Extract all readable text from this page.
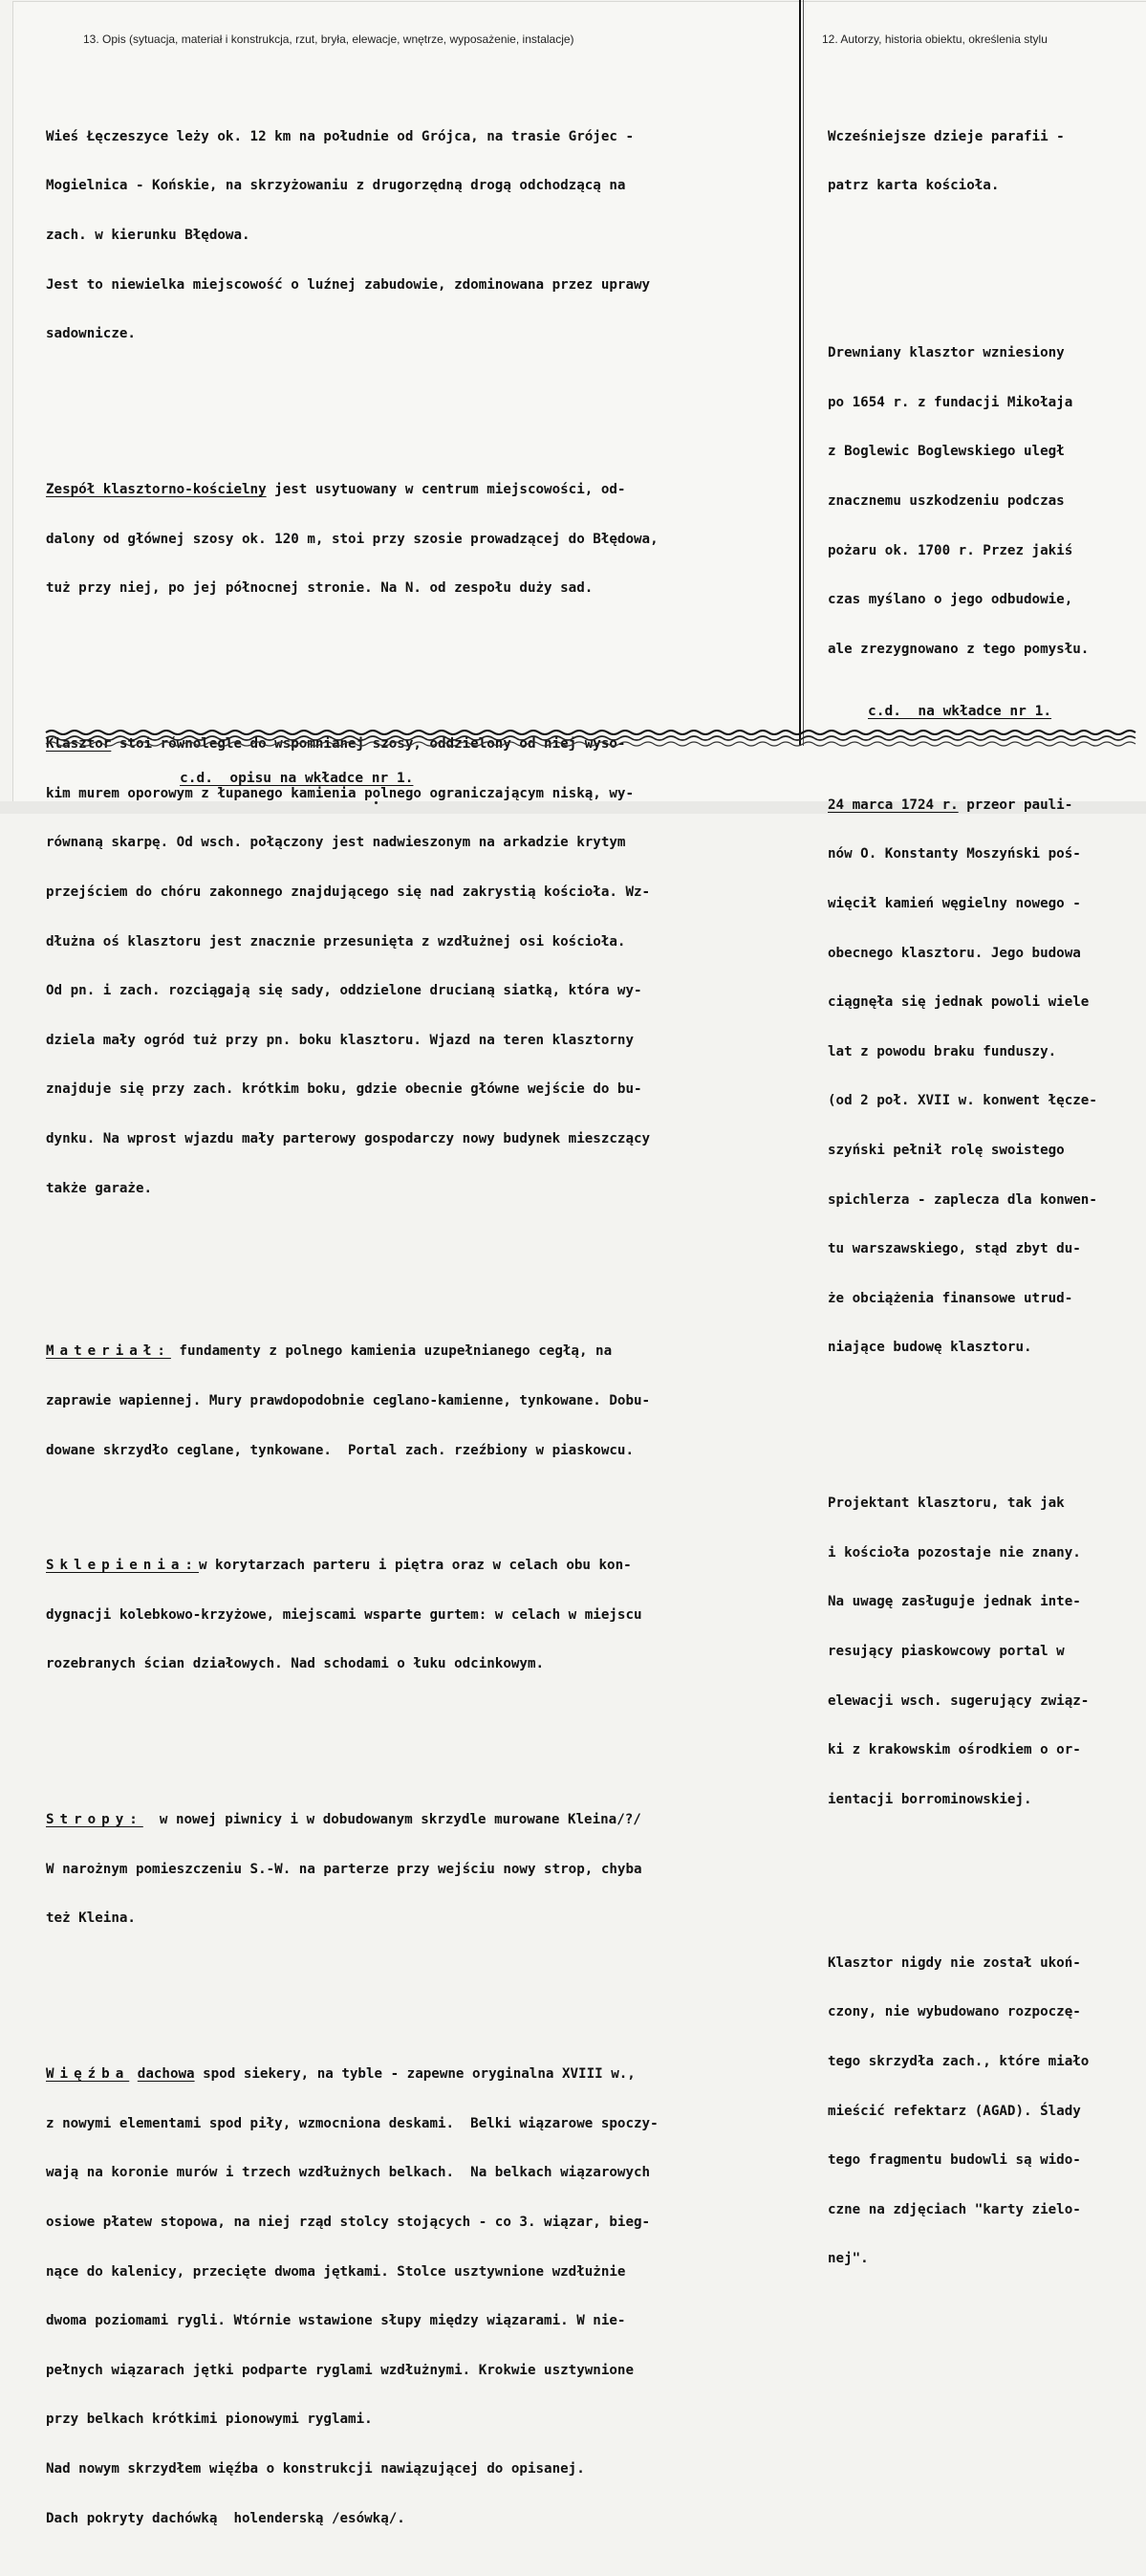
13. Opis (sytuacja, materiał i konstrukcja, rzut, bryła, elewacje, wnętrze, wyposażenie, instalacje)	12. Autorzy, historia obiektu, określenia stylu

Wieś Łęczeszyce leży ok. 12 km na południe od Grójca, na trasie Grójec -

Mogielnica - Końskie, na skrzyżowaniu z drugorzędną drogą odchodzącą na

zach. w kierunku Błędowa.

Jest to niewielka miejscowość o luźnej zabudowie, zdominowana przez uprawy

sadownicze.

Zespół klasztorno-kościelny jest usytuowany w centrum miejscowości, od-

dalony od głównej szosy ok. 120 m, stoi przy szosie prowadzącej do Błędowa,

tuż przy niej, po jej północnej stronie. Na N. od zespołu duży sad.

Klasztor stoi równolegle do wspomnianej szosy, oddzielony od niej wyso-

kim murem oporowym z łupanego kamienia polnego ograniczającym niską, wy-

równaną skarpę. Od wsch. połączony jest nadwieszonym na arkadzie krytym

przejściem do chóru zakonnego znajdującego się nad zakrystią kościoła. Wz-

dłużna oś klasztoru jest znacznie przesunięta z wzdłużnej osi kościoła.

Od pn. i zach. rozciągają się sady, oddzielone drucianą siatką, która wy-

dziela mały ogród tuż przy pn. boku klasztoru. Wjazd na teren klasztorny

znajduje się przy zach. krótkim boku, gdzie obecnie główne wejście do bu-

dynku. Na wprost wjazdu mały parterowy gospodarczy nowy budynek mieszczący

także garaże.

Materiał: fundamenty z polnego kamienia uzupełnianego cegłą, na

zaprawie wapiennej. Mury prawdopodobnie ceglano-kamienne, tynkowane. Dobu-

dowane skrzydło ceglane, tynkowane.  Portal zach. rzeźbiony w piaskowcu.

Sklepienia:w korytarzach parteru i piętra oraz w celach obu kon-

dygnacji kolebkowo-krzyżowe, miejscami wsparte gurtem: w celach w miejscu

rozebranych ścian działowych. Nad schodami o łuku odcinkowym.

Stropy:  w nowej piwnicy i w dobudowanym skrzydle murowane Kleina/?/

W narożnym pomieszczeniu S.-W. na parterze przy wejściu nowy strop, chyba

też Kleina.

Więźba dachowa spod siekery, na tyble - zapewne oryginalna XVIII w.,

z nowymi elementami spod piły, wzmocniona deskami.  Belki wiązarowe spoczy-

wają na koronie murów i trzech wzdłużnych belkach.  Na belkach wiązarowych

osiowe płatew stopowa, na niej rząd stolcy stojących - co 3. wiązar, bieg-

nące do kalenicy, przecięte dwoma jętkami. Stolce usztywnione wzdłużnie

dwoma poziomami rygli. Wtórnie wstawione słupy między wiązarami. W nie-

pełnych wiązarach jętki podparte ryglami wzdłużnymi. Krokwie usztywnione

przy belkach krótkimi pionowymi ryglami.

Nad nowym skrzydłem więźba o konstrukcji nawiązującej do opisanej.

Dach pokryty dachówką  holenderską /esówką/.

Wcześniejsze dzieje parafii -

patrz karta kościoła.

Drewniany klasztor wzniesiony

po 1654 r. z fundacji Mikołaja

z Boglewic Boglewskiego uległ

znacznemu uszkodzeniu podczas

pożaru ok. 1700 r. Przez jakiś

czas myślano o jego odbudowie,

ale zrezygnowano z tego pomysłu.

24 marca 1724 r. przeor pauli-

nów O. Konstanty Moszyński poś-

więcił kamień węgielny nowego -

obecnego klasztoru. Jego budowa

ciągnęła się jednak powoli wiele

lat z powodu braku funduszy.

(od 2 poł. XVII w. konwent łęcze-

szyński pełnił rolę swoistego

spichlerza - zaplecza dla konwen-

tu warszawskiego, stąd zbyt du-

że obciążenia finansowe utrud-

niające budowę klasztoru.

Projektant klasztoru, tak jak

i kościoła pozostaje nie znany.

Na uwagę zasługuje jednak inte-

resujący piaskowcowy portal w

elewacji wsch. sugerujący związ-

ki z krakowskim ośrodkiem o or-

ientacji borrominowskiej.

Klasztor nigdy nie został ukoń-

czony, nie wybudowano rozpoczę-

tego skrzydła zach., które miało

mieścić refektarz (AGAD). Ślady

tego fragmentu budowli są wido-

czne na zdjęciach "karty zielo-

nej".

c.d.  na wkładce nr 1.
c.d.  opisu na wkładce nr 1.
